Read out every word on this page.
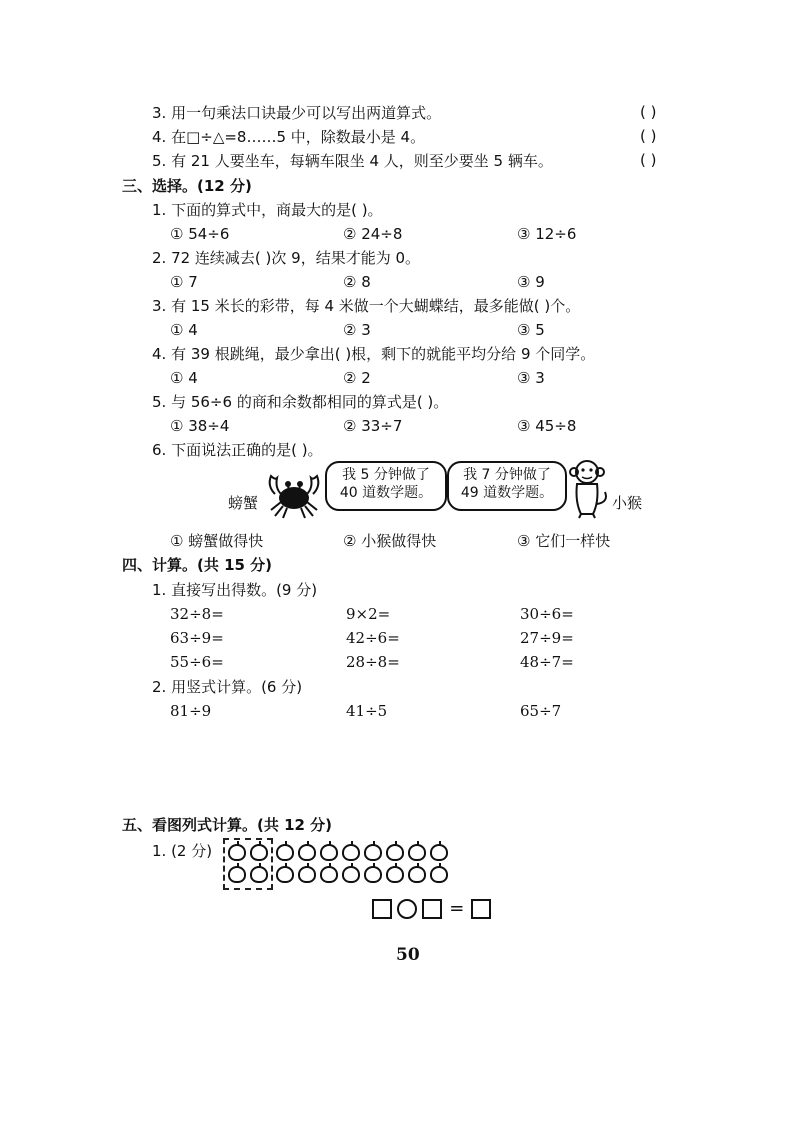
3. 用一句乘法口诀最少可以写出两道算式。	( )
4. 在□÷△=8……5 中，除数最小是 4。	( )
5. 有 21 人要坐车，每辆车限坐 4 人，则至少要坐 5 辆车。	( )
三、选择。(12 分)
1. 下面的算式中，商最大的是( )。
① 54÷6	② 24÷8	③ 12÷6
2. 72 连续减去( )次 9，结果才能为 0。
① 7	② 8	③ 9
3. 有 15 米长的彩带，每 4 米做一个大蝴蝶结，最多能做( )个。
① 4	② 3	③ 5
4. 有 39 根跳绳，最少拿出( )根，剩下的就能平均分给 9 个同学。
① 4	② 2	③ 3
5. 与 56÷6 的商和余数都相同的算式是( )。
① 38÷4	② 33÷7	③ 45÷8
6. 下面说法正确的是( )。
螃蟹
我 5 分钟做了
40 道数学题。
我 7 分钟做了
49 道数学题。
小猴
① 螃蟹做得快	② 小猴做得快	③ 它们一样快
四、计算。(共 15 分)
1. 直接写出得数。(9 分)
32÷8=	9×2=	30÷6=
63÷9=	42÷6=	27÷9=
55÷6=	28÷8=	48÷7=
2. 用竖式计算。(6 分)
81÷9	41÷5	65÷7
五、看图列式计算。(共 12 分)
1. (2 分)
=
50
